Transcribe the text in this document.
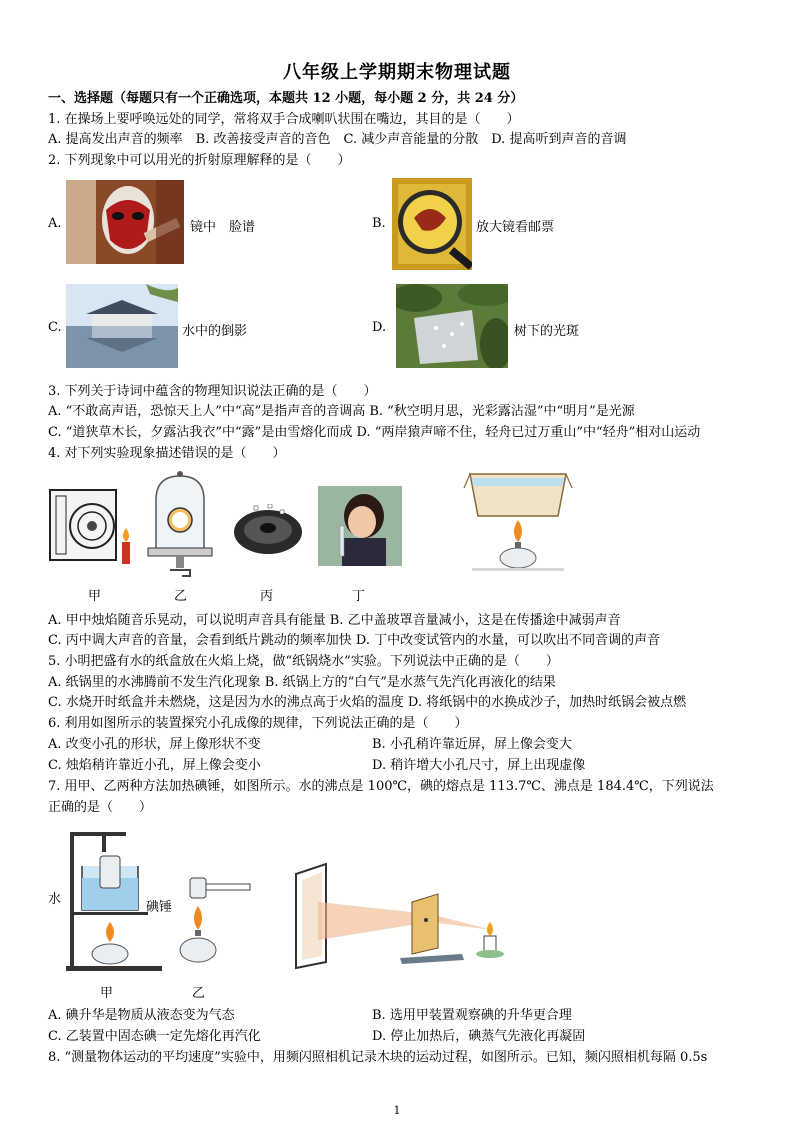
八年级上学期期末物理试题
一、选择题（每题只有一个正确选项，本题共 12 小题，每小题 2 分，共 24 分）
1. 在操场上要呼唤远处的同学，常将双手合成喇叭状围在嘴边，其目的是（　　）
A. 提高发出声音的频率　B. 改善接受声音的音色　C. 减少声音能量的分散　D. 提高听到声音的音调
2. 下列现象中可以用光的折射原理解释的是（　　）
A.	镜中　脸谱	B.	放大镜看邮票
C.	水中的倒影	D.	树下的光斑
3. 下列关于诗词中蕴含的物理知识说法正确的是（　　）
A. “不敢高声语，恐惊天上人”中“高”是指声音的音调高 B. “秋空明月思，光彩露沾湿”中“明月”是光源
C. “道狭草木长，夕露沾我衣”中“露”是由雪熔化而成 D. “两岸猿声啼不住，轻舟已过万重山”中“轻舟”相对山运动
4. 对下列实验现象描述错误的是（　　）
甲	乙	丙	丁
A. 甲中烛焰随音乐晃动，可以说明声音具有能量 B. 乙中盖玻罩音量减小，这是在传播途中减弱声音
C. 丙中调大声音的音量，会看到纸片跳动的频率加快 D. 丁中改变试管内的水量，可以吹出不同音调的声音
5. 小明把盛有水的纸盒放在火焰上烧，做“纸锅烧水”实验。下列说法中正确的是（　　）
A. 纸锅里的水沸腾前不发生汽化现象 B. 纸锅上方的“白气”是水蒸气先汽化再液化的结果
C. 水烧开时纸盒并未燃烧，这是因为水的沸点高于火焰的温度 D. 将纸锅中的水换成沙子，加热时纸锅会被点燃
6. 利用如图所示的装置探究小孔成像的规律，下列说法正确的是（　　）
A. 改变小孔的形状，屏上像形状不变	B. 小孔稍许靠近屏，屏上像会变大
C. 烛焰稍许靠近小孔，屏上像会变小	D. 稍许增大小孔尺寸，屏上出现虚像
7. 用甲、乙两种方法加热碘锤，如图所示。水的沸点是 100℃，碘的熔点是 113.7℃、沸点是 184.4℃，下列说法
正确的是（　　）
水
碘锤
甲	乙
A. 碘升华是物质从液态变为气态	B. 选用甲装置观察碘的升华更合理
C. 乙装置中固态碘一定先熔化再汽化	D. 停止加热后，碘蒸气先液化再凝固
8. “测量物体运动的平均速度”实验中，用频闪照相机记录木块的运动过程，如图所示。已知，频闪照相机每隔 0.5s
1
